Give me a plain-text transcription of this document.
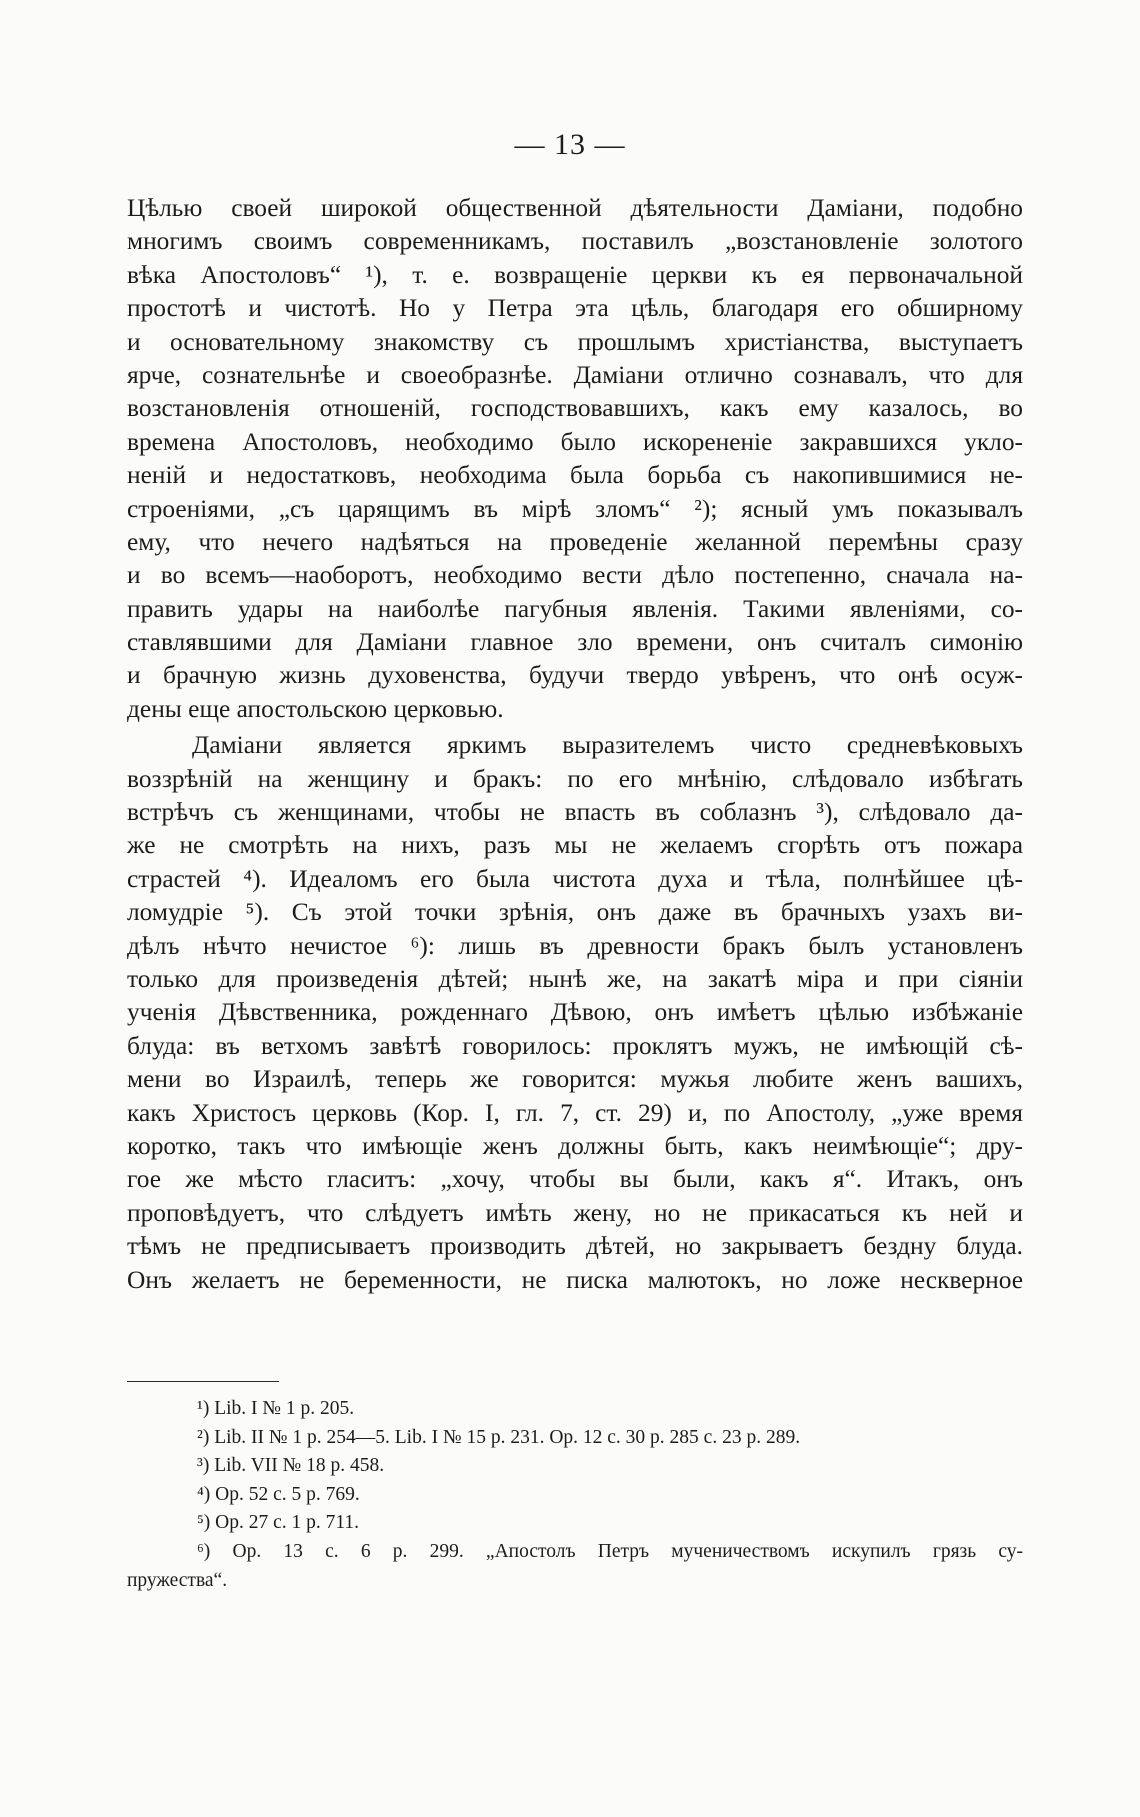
— 13 —
Цѣлью своей широкой общественной дѣятельности Даміани, подобно
многимъ своимъ современникамъ, поставилъ „возстановленіе золотого
вѣка Апостоловъ“ ¹), т. е. возвращеніе церкви къ ея первоначальной
простотѣ и чистотѣ. Но у Петра эта цѣль, благодаря его обширному
и основательному знакомству съ прошлымъ христіанства, выступаетъ
ярче, сознательнѣе и своеобразнѣе. Даміани отлично сознавалъ, что для
возстановленія отношеній, господствовавшихъ, какъ ему казалось, во
времена Апостоловъ, необходимо было искорененіе закравшихся укло-
неній и недостатковъ, необходима была борьба съ накопившимися не-
строеніями, „съ царящимъ въ мірѣ зломъ“ ²); ясный умъ показывалъ
ему, что нечего надѣяться на проведеніе желанной перемѣны сразу
и во всемъ—наоборотъ, необходимо вести дѣло постепенно, сначала на-
править удары на наиболѣе пагубныя явленія. Такими явленіями, со-
ставлявшими для Даміани главное зло времени, онъ считалъ симонію
и брачную жизнь духовенства, будучи твердо увѣренъ, что онѣ осуж-
дены еще апостольскою церковью.
Даміани является яркимъ выразителемъ чисто средневѣковыхъ
воззрѣній на женщину и бракъ: по его мнѣнію, слѣдовало избѣгать
встрѣчъ съ женщинами, чтобы не впасть въ соблазнъ ³), слѣдовало да-
же не смотрѣть на нихъ, разъ мы не желаемъ сгорѣть отъ пожара
страстей ⁴). Идеаломъ его была чистота духа и тѣла, полнѣйшее цѣ-
ломудріе ⁵). Съ этой точки зрѣнія, онъ даже въ брачныхъ узахъ ви-
дѣлъ нѣчто нечистое ⁶): лишь въ древности бракъ былъ установленъ
только для произведенія дѣтей; нынѣ же, на закатѣ міра и при сіяніи
ученія Дѣвственника, рожденнаго Дѣвою, онъ имѣетъ цѣлью избѣжаніе
блуда: въ ветхомъ завѣтѣ говорилось: проклятъ мужъ, не имѣющій сѣ-
мени во Израилѣ, теперь же говорится: мужья любите женъ вашихъ,
какъ Христосъ церковь (Кор. I, гл. 7, ст. 29) и, по Апостолу, „уже время
коротко, такъ что имѣющіе женъ должны быть, какъ неимѣющіе“; дру-
гое же мѣсто гласитъ: „хочу, чтобы вы были, какъ я“. Итакъ, онъ
проповѣдуетъ, что слѣдуетъ имѣть жену, но не прикасаться къ ней и
тѣмъ не предписываетъ производить дѣтей, но закрываетъ бездну блуда.
Онъ желаетъ не беременности, не писка малютокъ, но ложе нескверное
¹) Lib. I № 1 p. 205.
²) Lib. II № 1 p. 254—5. Lib. I № 15 p. 231. Op. 12 c. 30 p. 285 c. 23 p. 289.
³) Lib. VII № 18 p. 458.
⁴) Op. 52 c. 5 p. 769.
⁵) Op. 27 c. 1 p. 711.
⁶) Op. 13 c. 6 p. 299. „Апостолъ Петръ мученичествомъ искупилъ грязь су-
пружества“.
